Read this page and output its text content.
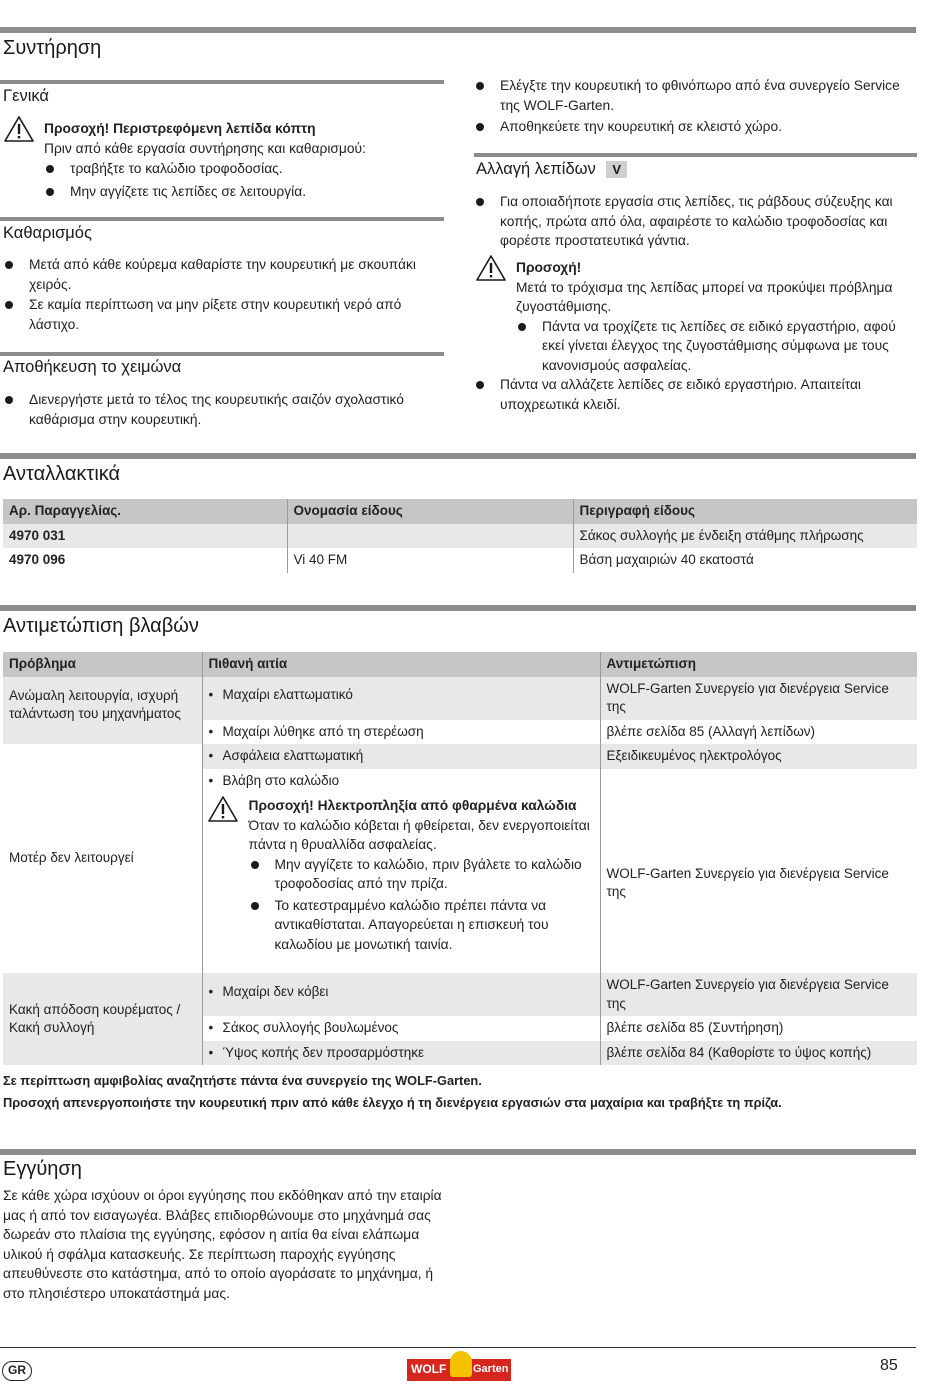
Συντήρηση
Γενικά
Προσοχή! Περιστρεφόμενη λεπίδα κόπτη
Πριν από κάθε εργασία συντήρησης και καθαρισμού:
τραβήξτε το καλώδιο τροφοδοσίας.
Μην αγγίζετε τις λεπίδες σε λειτουργία.
Καθαρισμός
Μετά από κάθε κούρεμα καθαρίστε την κουρευτική με σκουπάκι χειρός.
Σε καμία περίπτωση να μην ρίξετε στην κουρευτική νερό από λάστιχο.
Αποθήκευση το χειμώνα
Διενεργήστε μετά το τέλος της κουρευτικής σαιζόν σχολαστικό καθάρισμα στην κουρευτική.
Ελέγξτε την κουρευτική το φθινόπωρο από ένα συνεργείο Service της WOLF-Garten.
Αποθηκεύετε την κουρευτική σε κλειστό χώρο.
Αλλαγή λεπίδων V
Για οποιαδήποτε εργασία στις λεπίδες, τις ράβδους σύζευξης και κοπής, πρώτα από όλα, αφαιρέστε το καλώδιο τροφοδοσίας και φορέστε προστατευτικά γάντια.
Προσοχή!
Μετά το τρόχισμα της λεπίδας μπορεί να προκύψει πρόβλημα ζυγοστάθμισης.
Πάντα να τροχίζετε τις λεπίδες σε ειδικό εργαστήριο, αφού εκεί γίνεται έλεγχος της ζυγοστάθμισης σύμφωνα με τους κανονισμούς ασφαλείας.
Πάντα να αλλάζετε λεπίδες σε ειδικό εργαστήριο. Απαιτείται υποχρεωτικά κλειδί.
Ανταλλακτικά
Αρ. Παραγγελίας.	Ονομασία είδους	Περιγραφή είδους
4970 031		Σάκος συλλογής με ένδειξη στάθμης πλήρωσης
4970 096	Vi 40 FM	Βάση μαχαιριών 40 εκατοστά
Αντιμετώπιση βλαβών
Πρόβλημα	Πιθανή αιτία	Αντιμετώπιση
Ανώμαλη λειτουργία, ισχυρή ταλάντωση του μηχανήματος	• Μαχαίρι ελαττωματικό	WOLF-Garten Συνεργείο για διενέργεια Service της

	• Μαχαίρι λύθηκε από τη στερέωση	βλέπε σελίδα 85 (Αλλαγή λεπίδων)
Μοτέρ δεν λειτουργεί	• Ασφάλεια ελαττωματική	Εξειδικευμένος ηλεκτρολόγος

	• Βλάβη στο καλώδιο

	Προσοχή! Ηλεκτροπληξία από φθαρμένα καλώδια
Όταν το καλώδιο κόβεται ή φθείρεται, δεν ενεργοποιείται πάντα η θρυαλλίδα ασφαλείας.
Μην αγγίζετε το καλώδιο, πριν βγάλετε το καλώδιο τροφοδοσίας από την πρίζα.
Το κατεστραμμένο καλώδιο πρέπει πάντα να αντικαθίσταται. Απαγορεύεται η επισκευή του καλωδίου με μονωτική ταινία.	WOLF-Garten Συνεργείο για διενέργεια Service της
Κακή απόδοση κουρέματος / Κακή συλλογή	• Μαχαίρι δεν κόβει	WOLF-Garten Συνεργείο για διενέργεια Service της

	• Σάκος συλλογής βουλωμένος	βλέπε σελίδα 85 (Συντήρηση)

	• Ύψος κοπής δεν προσαρμόστηκε	βλέπε σελίδα 84 (Καθορίστε το ύψος κοπής)
Σε περίπτωση αμφιβολίας αναζητήστε πάντα ένα συνεργείο της WOLF-Garten.
Προσοχή απενεργοποιήστε την κουρευτική πριν από κάθε έλεγχο ή τη διενέργεια εργασιών στα μαχαίρια και τραβήξτε τη πρίζα.
Εγγύηση
Σε κάθε χώρα ισχύουν οι όροι εγγύησης που εκδόθηκαν από την εταιρία μας ή από τον εισαγωγέα. Βλάβες επιδιορθώνουμε στο μηχάνημά σας δωρεάν στο πλαίσια της εγγύησης, εφόσον η αιτία θα είναι ελάπωμα υλικού ή σφάλμα κατασκευής. Σε περίπτωση παροχής εγγύησης απευθύνεστε στο κατάστημα, από το οποίο αγοράσατε το μηχάνημα, ή στο πλησιέστερο υποκατάστημά μας.
GR	WOLF Garten	85
